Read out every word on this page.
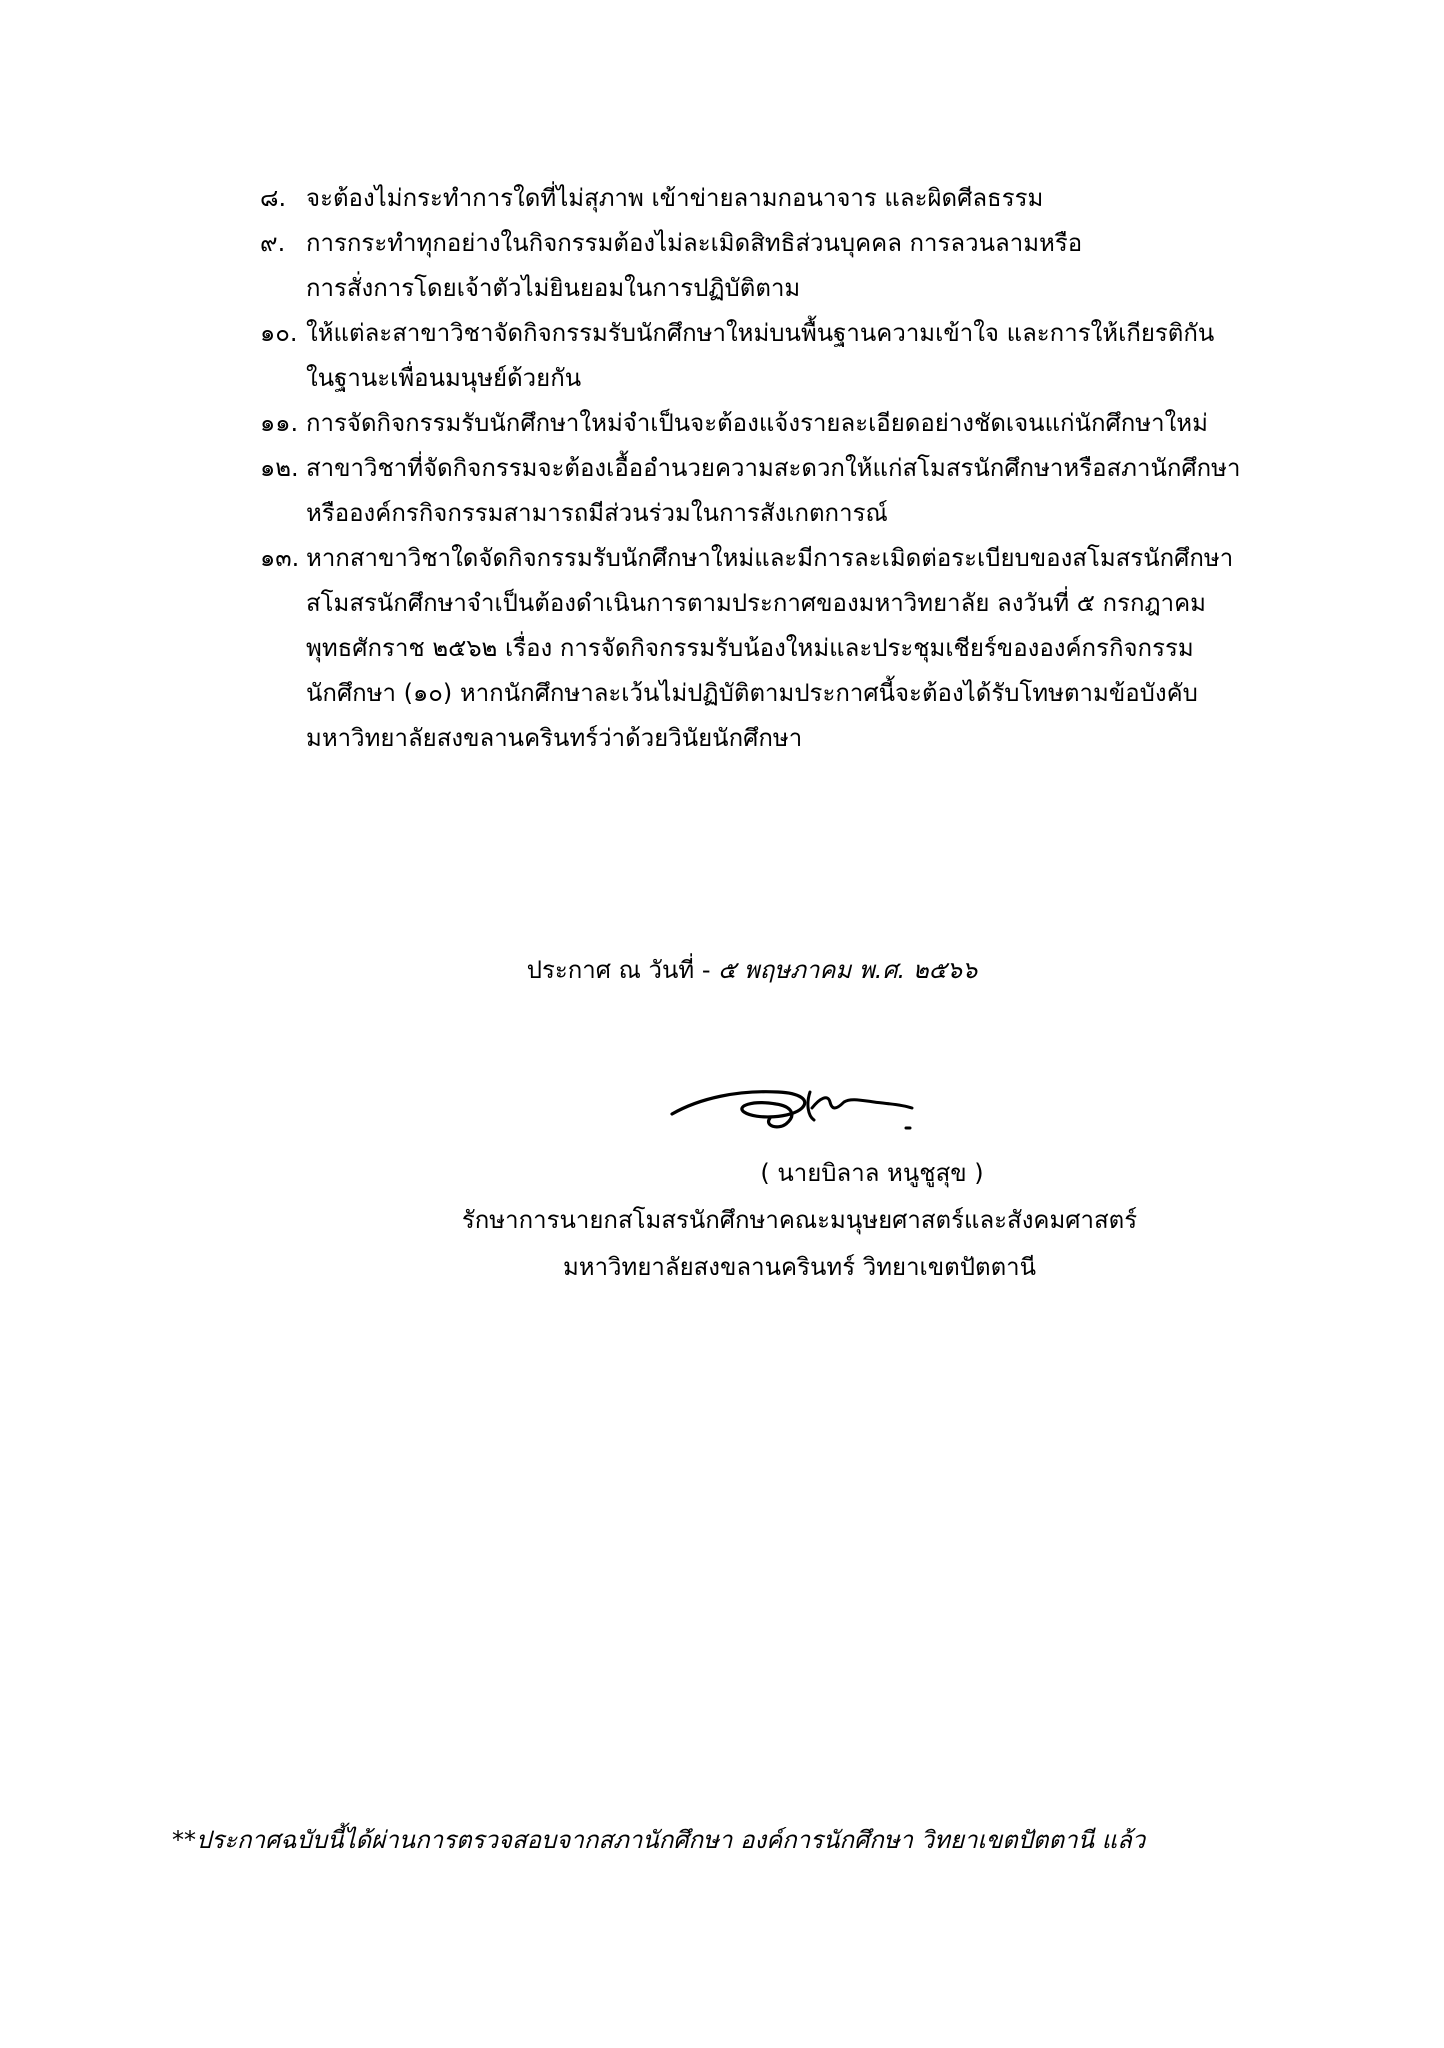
๘. จะต้องไม่กระทำการใดที่ไม่สุภาพ เข้าข่ายลามกอนาจาร และผิดศีลธรรม
๙. การกระทำทุกอย่างในกิจกรรมต้องไม่ละเมิดสิทธิส่วนบุคคล การลวนลามหรือ
การสั่งการโดยเจ้าตัวไม่ยินยอมในการปฏิบัติตาม
๑๐. ให้แต่ละสาขาวิชาจัดกิจกรรมรับนักศึกษาใหม่บนพื้นฐานความเข้าใจ และการให้เกียรติกัน
ในฐานะเพื่อนมนุษย์ด้วยกัน
๑๑. การจัดกิจกรรมรับนักศึกษาใหม่จำเป็นจะต้องแจ้งรายละเอียดอย่างชัดเจนแก่นักศึกษาใหม่
๑๒. สาขาวิชาที่จัดกิจกรรมจะต้องเอื้ออำนวยความสะดวกให้แก่สโมสรนักศึกษาหรือสภานักศึกษา
หรือองค์กรกิจกรรมสามารถมีส่วนร่วมในการสังเกตการณ์
๑๓. หากสาขาวิชาใดจัดกิจกรรมรับนักศึกษาใหม่และมีการละเมิดต่อระเบียบของสโมสรนักศึกษา
สโมสรนักศึกษาจำเป็นต้องดำเนินการตามประกาศของมหาวิทยาลัย ลงวันที่ ๕ กรกฎาคม
พุทธศักราช ๒๕๖๒ เรื่อง การจัดกิจกรรมรับน้องใหม่และประชุมเชียร์ขององค์กรกิจกรรม
นักศึกษา (๑๐) หากนักศึกษาละเว้นไม่ปฏิบัติตามประกาศนี้จะต้องได้รับโทษตามข้อบังคับ
มหาวิทยาลัยสงขลานครินทร์ว่าด้วยวินัยนักศึกษา
ประกาศ ณ วันที่ - ๕ พฤษภาคม พ.ศ. ๒๕๖๖
( นายบิลาล หนูชูสุข )
รักษาการนายกสโมสรนักศึกษาคณะมนุษยศาสตร์และสังคมศาสตร์
มหาวิทยาลัยสงขลานครินทร์ วิทยาเขตปัตตานี
**ประกาศฉบับนี้ได้ผ่านการตรวจสอบจากสภานักศึกษา องค์การนักศึกษา วิทยาเขตปัตตานี แล้ว
